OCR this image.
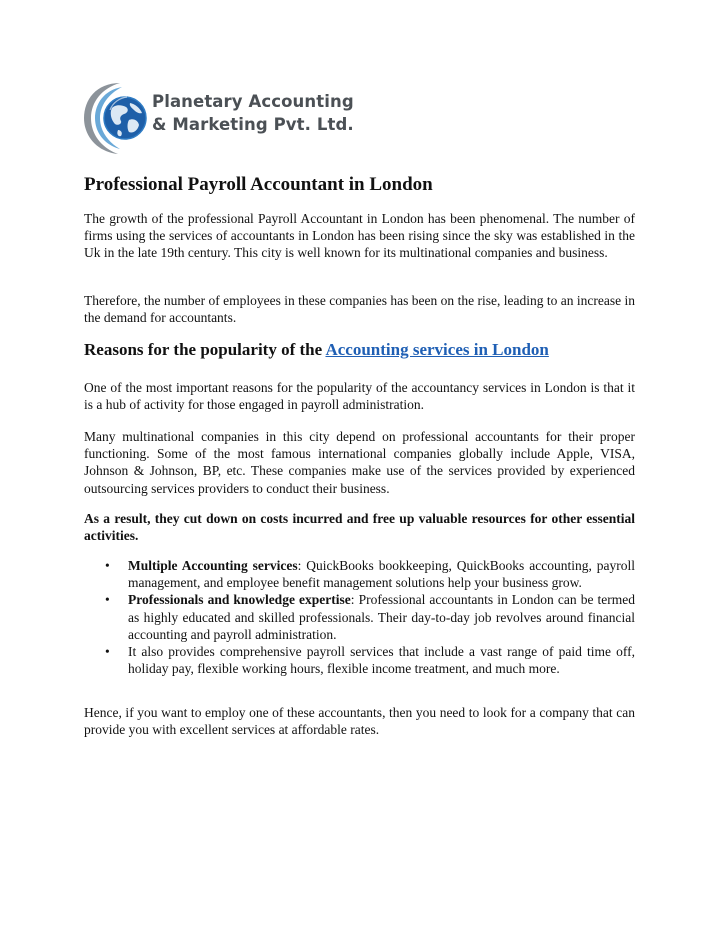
Planetary Accounting
& Marketing Pvt. Ltd.
Professional Payroll Accountant in London

The growth of the professional Payroll Accountant in London has been phenomenal. The number of firms using the services of accountants in London has been rising since the sky was established in the Uk in the late 19th century. This city is well known for its multinational companies and business.

Therefore, the number of employees in these companies has been on the rise, leading to an increase in the demand for accountants.

Reasons for the popularity of the Accounting services in London

One of the most important reasons for the popularity of the accountancy services in London is that it is a hub of activity for those engaged in payroll administration.

Many multinational companies in this city depend on professional accountants for their proper functioning. Some of the most famous international companies globally include Apple, VISA, Johnson & Johnson, BP, etc. These companies make use of the services provided by experienced outsourcing services providers to conduct their business.

As a result, they cut down on costs incurred and free up valuable resources for other essential activities.

• Multiple Accounting services: QuickBooks bookkeeping, QuickBooks accounting, payroll management, and employee benefit management solutions help your business grow.
• Professionals and knowledge expertise: Professional accountants in London can be termed as highly educated and skilled professionals. Their day-to-day job revolves around financial accounting and payroll administration.
• It also provides comprehensive payroll services that include a vast range of paid time off, holiday pay, flexible working hours, flexible income treatment, and much more.

Hence, if you want to employ one of these accountants, then you need to look for a company that can provide you with excellent services at affordable rates.
